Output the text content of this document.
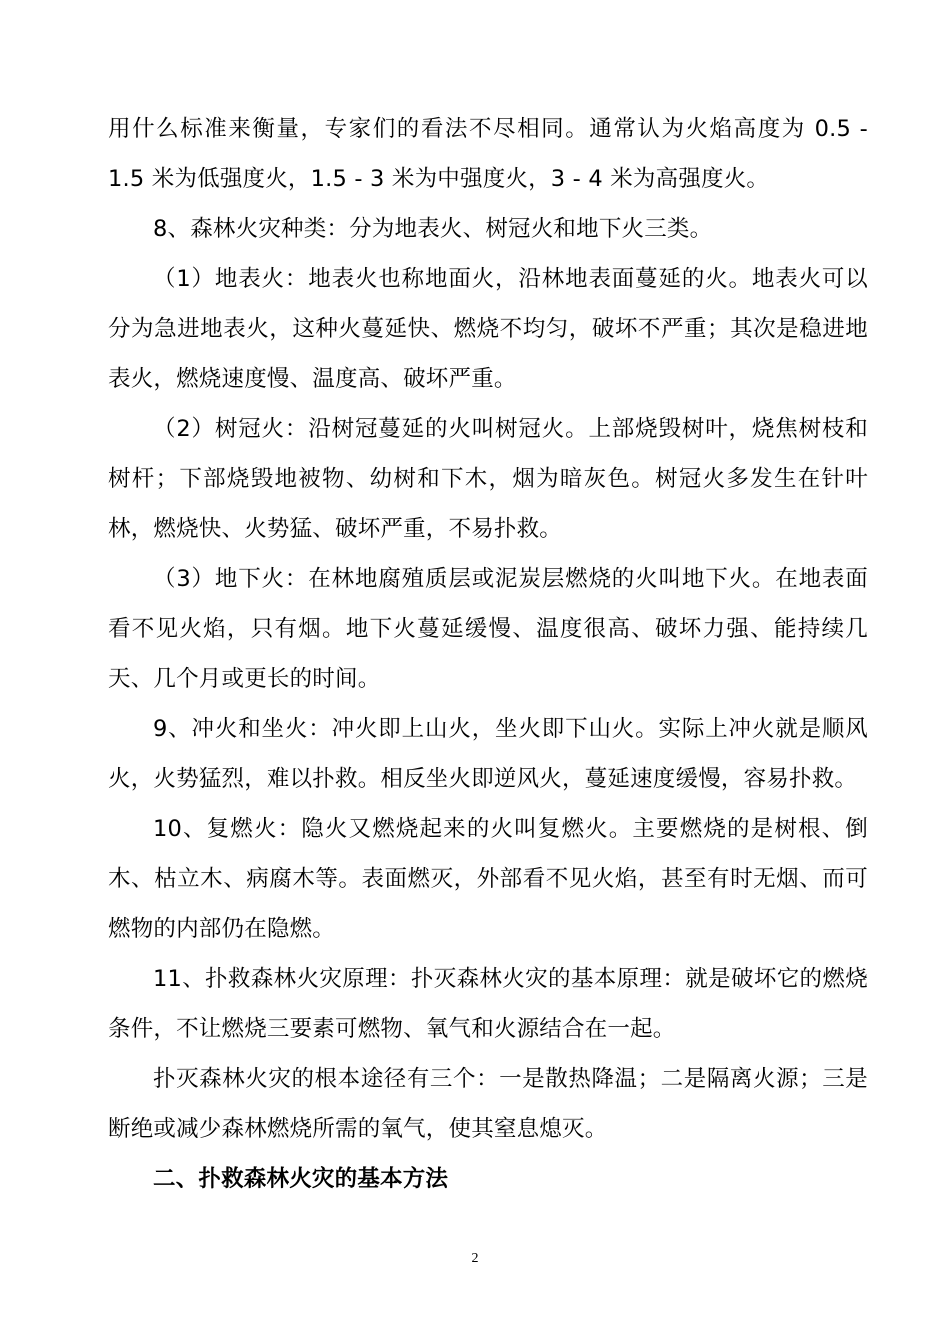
用什么标准来衡量，专家们的看法不尽相同。通常认为火焰高度为 0.5 - 1.5 米为低强度火，1.5 - 3 米为中强度火，3 - 4 米为高强度火。

8、森林火灾种类：分为地表火、树冠火和地下火三类。

（1）地表火：地表火也称地面火，沿林地表面蔓延的火。地表火可以分为急进地表火，这种火蔓延快、燃烧不均匀，破坏不严重；其次是稳进地表火，燃烧速度慢、温度高、破坏严重。

（2）树冠火：沿树冠蔓延的火叫树冠火。上部烧毁树叶，烧焦树枝和树杆；下部烧毁地被物、幼树和下木，烟为暗灰色。树冠火多发生在针叶林，燃烧快、火势猛、破坏严重，不易扑救。

（3）地下火：在林地腐殖质层或泥炭层燃烧的火叫地下火。在地表面看不见火焰，只有烟。地下火蔓延缓慢、温度很高、破坏力强、能持续几天、几个月或更长的时间。

9、冲火和坐火：冲火即上山火，坐火即下山火。实际上冲火就是顺风火，火势猛烈，难以扑救。相反坐火即逆风火，蔓延速度缓慢，容易扑救。

10、复燃火：隐火又燃烧起来的火叫复燃火。主要燃烧的是树根、倒木、枯立木、病腐木等。表面燃灭，外部看不见火焰，甚至有时无烟、而可燃物的内部仍在隐燃。

11、扑救森林火灾原理：扑灭森林火灾的基本原理：就是破坏它的燃烧条件，不让燃烧三要素可燃物、氧气和火源结合在一起。

扑灭森林火灾的根本途径有三个：一是散热降温；二是隔离火源；三是断绝或减少森林燃烧所需的氧气，使其窒息熄灭。

二、扑救森林火灾的基本方法

2
